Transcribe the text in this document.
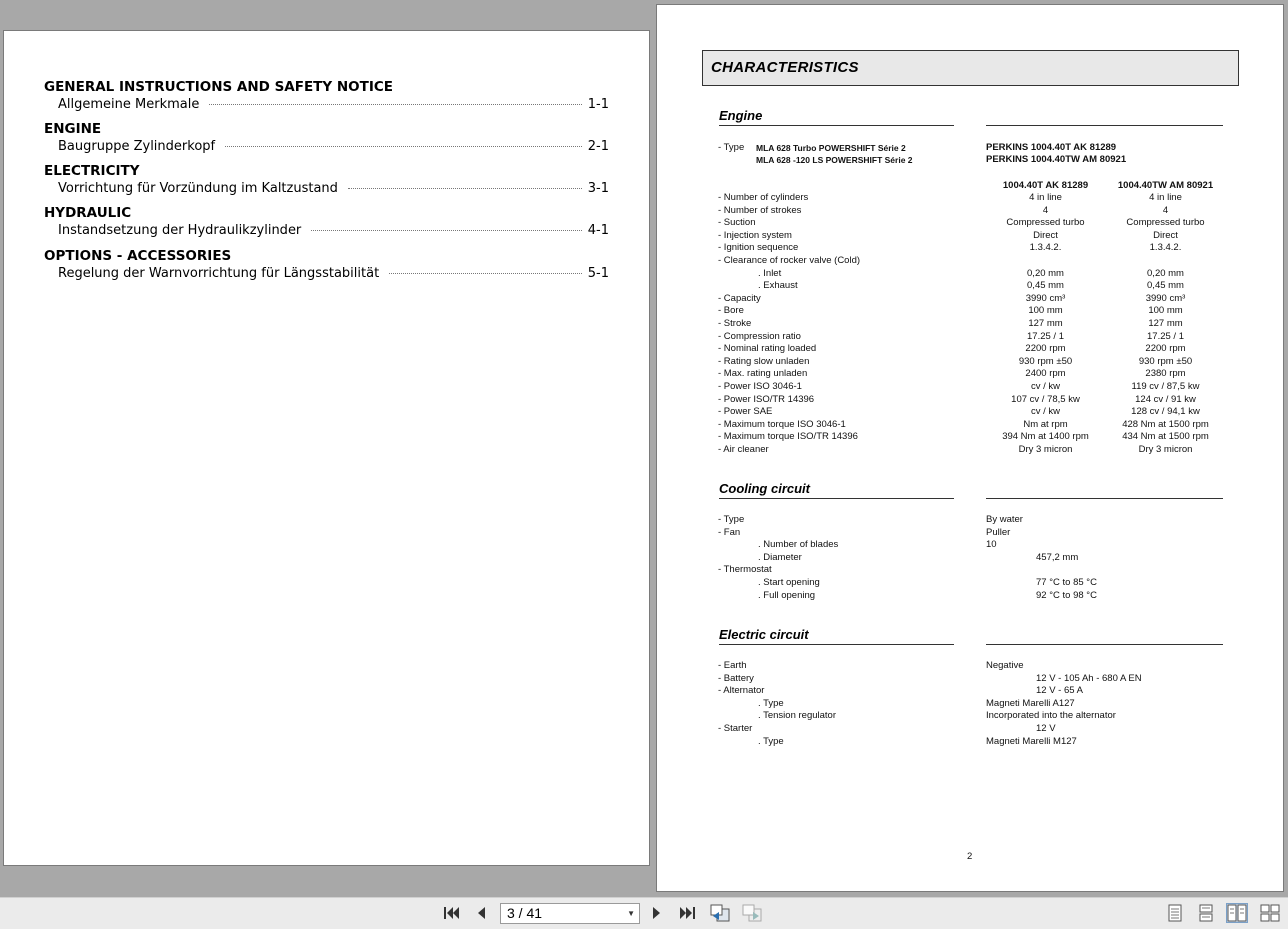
GENERAL INSTRUCTIONS AND SAFETY NOTICE
Allgemeine Merkmale	1-1
ENGINE
Baugruppe Zylinderkopf	2-1
ELECTRICITY
Vorrichtung für Vorzündung im Kaltzustand	3-1
HYDRAULIC
Instandsetzung der Hydraulikzylinder	4-1
OPTIONS - ACCESSORIES
Regelung der Warnvorrichtung für Längsstabilität	5-1
CHARACTERISTICS
Engine
- Type MLA 628 Turbo POWERSHIFT Série 2
MLA 628 -120 LS POWERSHIFT Série 2
PERKINS 1004.40T AK 81289
PERKINS 1004.40TW AM 80921
1004.40T AK 81289	1004.40TW AM 80921
- Number of cylinders	4 in line	4 in line
- Number of strokes	4	4
- Suction	Compressed turbo	Compressed turbo
- Injection system	Direct	Direct
- Ignition sequence	1.3.4.2.	1.3.4.2.
- Clearance of rocker valve (Cold)
. Inlet	0,20 mm	0,20 mm
. Exhaust	0,45 mm	0,45 mm
- Capacity	3990 cm³	3990 cm³
- Bore	100 mm	100 mm
- Stroke	127 mm	127 mm
- Compression ratio	17.25 / 1	17.25 / 1
- Nominal rating loaded	2200 rpm	2200 rpm
- Rating slow unladen	930 rpm ±50	930 rpm ±50
- Max. rating unladen	2400 rpm	2380 rpm
- Power ISO 3046-1	cv / kw	119 cv / 87,5 kw
- Power ISO/TR 14396	107 cv / 78,5 kw	124 cv / 91 kw
- Power SAE	cv / kw	128 cv / 94,1 kw
- Maximum torque ISO 3046-1	Nm at rpm	428 Nm at 1500 rpm
- Maximum torque ISO/TR 14396	394 Nm at 1400 rpm	434 Nm at 1500 rpm
- Air cleaner	Dry 3 micron	Dry 3 micron
Cooling circuit
- Type	By water
- Fan	Puller
. Number of blades	10
. Diameter	457,2 mm
- Thermostat
. Start opening	77 °C to 85 °C
. Full opening	92 °C to 98 °C
Electric circuit
- Earth	Negative
- Battery	12 V - 105 Ah - 680 A EN
- Alternator	12 V - 65 A
. Type	Magneti Marelli A127
. Tension regulator	Incorporated into the alternator
- Starter	12 V
. Type	Magneti Marelli M127
2
3 / 41	▼
